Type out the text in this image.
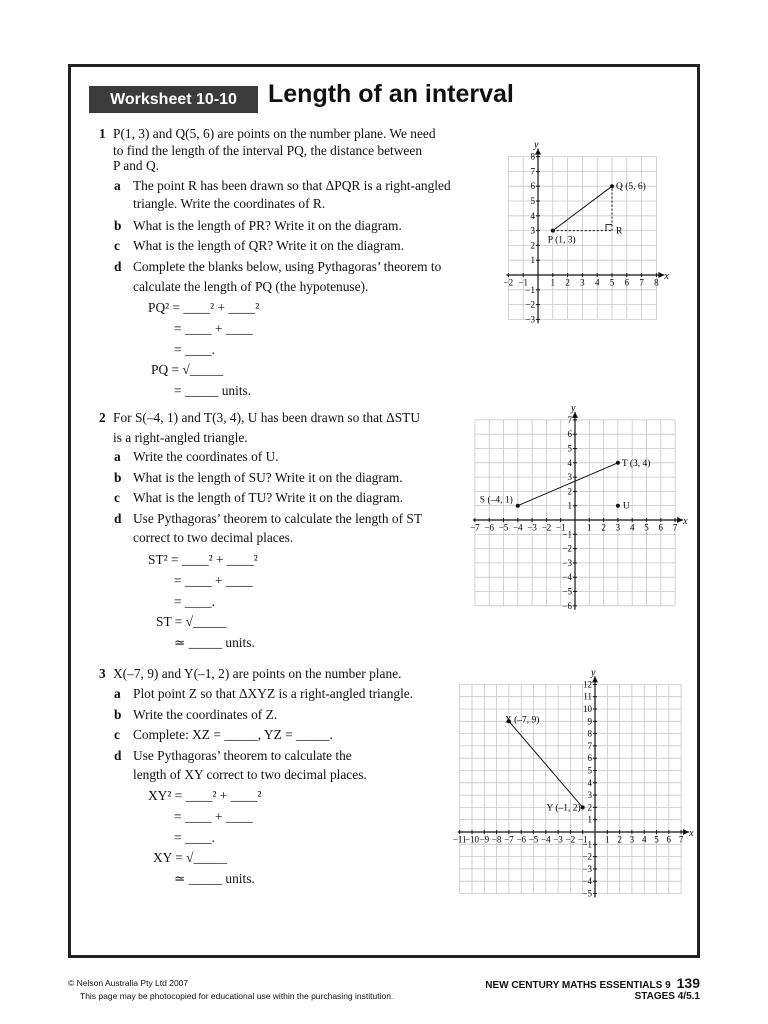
Worksheet 10-10	Length of an interval
1 P(1, 3) and Q(5, 6) are points on the number plane. We need
to find the length of the interval PQ, the distance between
P and Q.
a The point R has been drawn so that ΔPQR is a right-angled
triangle. Write the coordinates of R.
b What is the length of PR? Write it on the diagram.
c What is the length of QR? Write it on the diagram.
d Complete the blanks below, using Pythagoras’ theorem to
calculate the length of PQ (the hypotenuse).
PQ² = ____² + ____²
= ____ + ____
= ____.
PQ = √_____
= _____ units.
2 For S(–4, 1) and T(3, 4), U has been drawn so that ΔSTU
is a right-angled triangle.
a Write the coordinates of U.
b What is the length of SU? Write it on the diagram.
c What is the length of TU? Write it on the diagram.
d Use Pythagoras’ theorem to calculate the length of ST
correct to two decimal places.
ST² = ____² + ____²
= ____ + ____
= ____.
ST = √_____
≃ _____ units.
3 X(–7, 9) and Y(–1, 2) are points on the number plane.
a Plot point Z so that ΔXYZ is a right-angled triangle.
b Write the coordinates of Z.
c Complete: XZ = _____, YZ = _____.
d Use Pythagoras’ theorem to calculate the
length of XY correct to two decimal places.
XY² = ____² + ____²
= ____ + ____
= ____.
XY = √_____
≃ _____ units.
x
y
−2 −1	1 2 3 4 5 6 7 8
−3
−2
−1
1
2
3
4
5
6
7
8
Q (5, 6)
P (1, 3)
R
x
y
−7 −6 −5 −4 −3 −2 −1 1 2 3 4 5 6 7
−6
−5
−4
−3
−2
−1
1
2
3
4
5
6
7
T (3, 4)
S (–4, 1)
U
x
y
−11
−10 −9 −8 −7 −6 −5 −4 −3 −2 −1 1 2 3 4 5 6 7
−5
−4
−3
−2
−1
1
2
3
4
5
6
7
8
9
10
11
12
X (–7, 9)
Y (–1, 2)
© Nelson Australia Pty Ltd 2007
This page may be photocopied for educational use within the purchasing institution.
NEW CENTURY MATHS ESSENTIALS 9 139
STAGES 4/5.1
